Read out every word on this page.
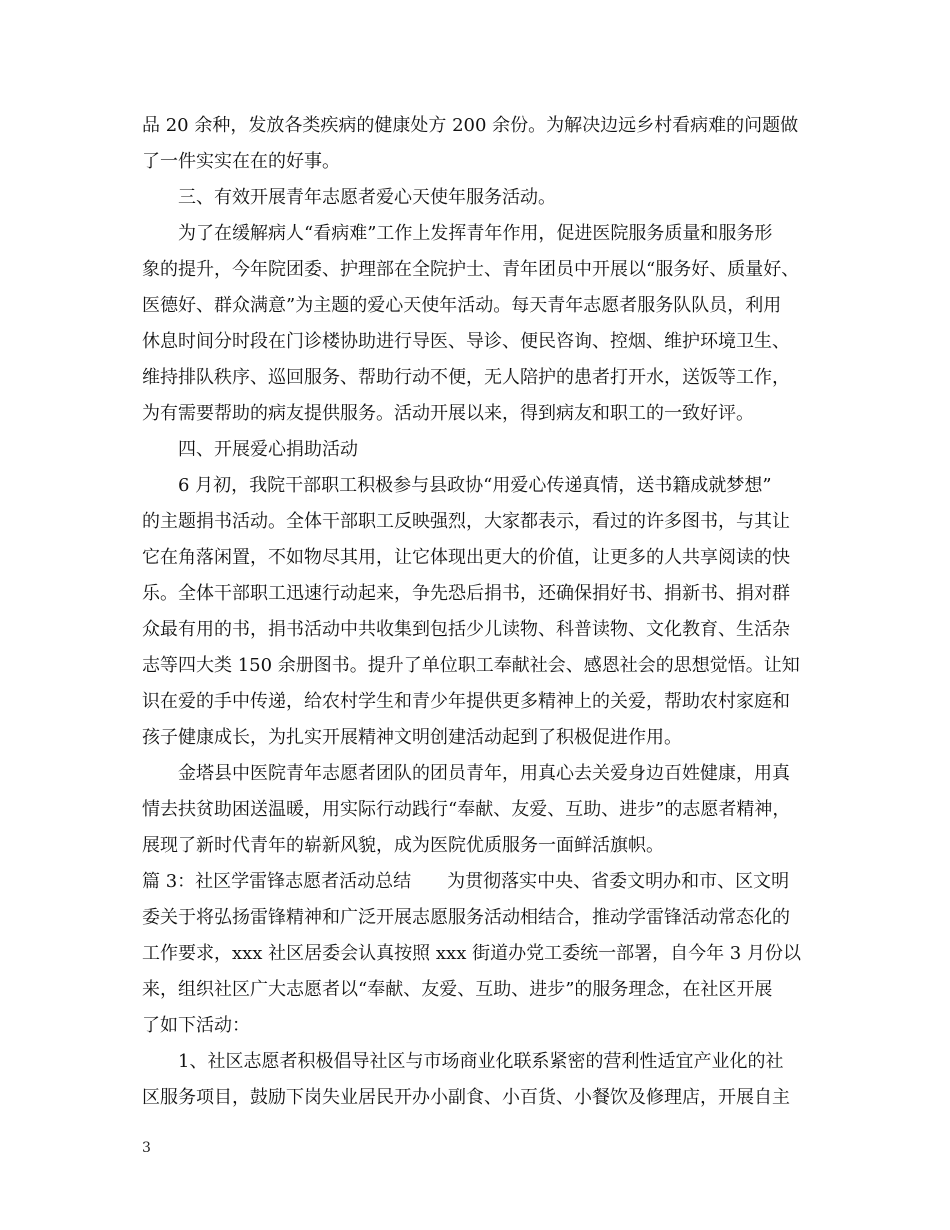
品 20 余种，发放各类疾病的健康处方 200 余份。为解决边远乡村看病难的问题做
了一件实实在在的好事。
三、有效开展青年志愿者爱心天使年服务活动。
为了在缓解病人“看病难”工作上发挥青年作用，促进医院服务质量和服务形
象的提升，今年院团委、护理部在全院护士、青年团员中开展以“服务好、质量好、
医德好、群众满意”为主题的爱心天使年活动。每天青年志愿者服务队队员，利用
休息时间分时段在门诊楼协助进行导医、导诊、便民咨询、控烟、维护环境卫生、
维持排队秩序、巡回服务、帮助行动不便，无人陪护的患者打开水，送饭等工作，
为有需要帮助的病友提供服务。活动开展以来，得到病友和职工的一致好评。
四、开展爱心捐助活动
6 月初，我院干部职工积极参与县政协“用爱心传递真情，送书籍成就梦想”
的主题捐书活动。全体干部职工反映强烈，大家都表示，看过的许多图书，与其让
它在角落闲置，不如物尽其用，让它体现出更大的价值，让更多的人共享阅读的快
乐。全体干部职工迅速行动起来，争先恐后捐书，还确保捐好书、捐新书、捐对群
众最有用的书，捐书活动中共收集到包括少儿读物、科普读物、文化教育、生活杂
志等四大类 150 余册图书。提升了单位职工奉献社会、感恩社会的思想觉悟。让知
识在爱的手中传递，给农村学生和青少年提供更多精神上的关爱，帮助农村家庭和
孩子健康成长，为扎实开展精神文明创建活动起到了积极促进作用。
金塔县中医院青年志愿者团队的团员青年，用真心去关爱身边百姓健康，用真
情去扶贫助困送温暖，用实际行动践行“奉献、友爱、互助、进步”的志愿者精神，
展现了新时代青年的崭新风貌，成为医院优质服务一面鲜活旗帜。
篇 3：社区学雷锋志愿者活动总结　　为贯彻落实中央、省委文明办和市、区文明
委关于将弘扬雷锋精神和广泛开展志愿服务活动相结合，推动学雷锋活动常态化的
工作要求，xxx 社区居委会认真按照 xxx 街道办党工委统一部署，自今年 3 月份以
来，组织社区广大志愿者以“奉献、友爱、互助、进步”的服务理念，在社区开展
了如下活动：
1、社区志愿者积极倡导社区与市场商业化联系紧密的营利性适宜产业化的社
区服务项目，鼓励下岗失业居民开办小副食、小百货、小餐饮及修理店，开展自主
3
